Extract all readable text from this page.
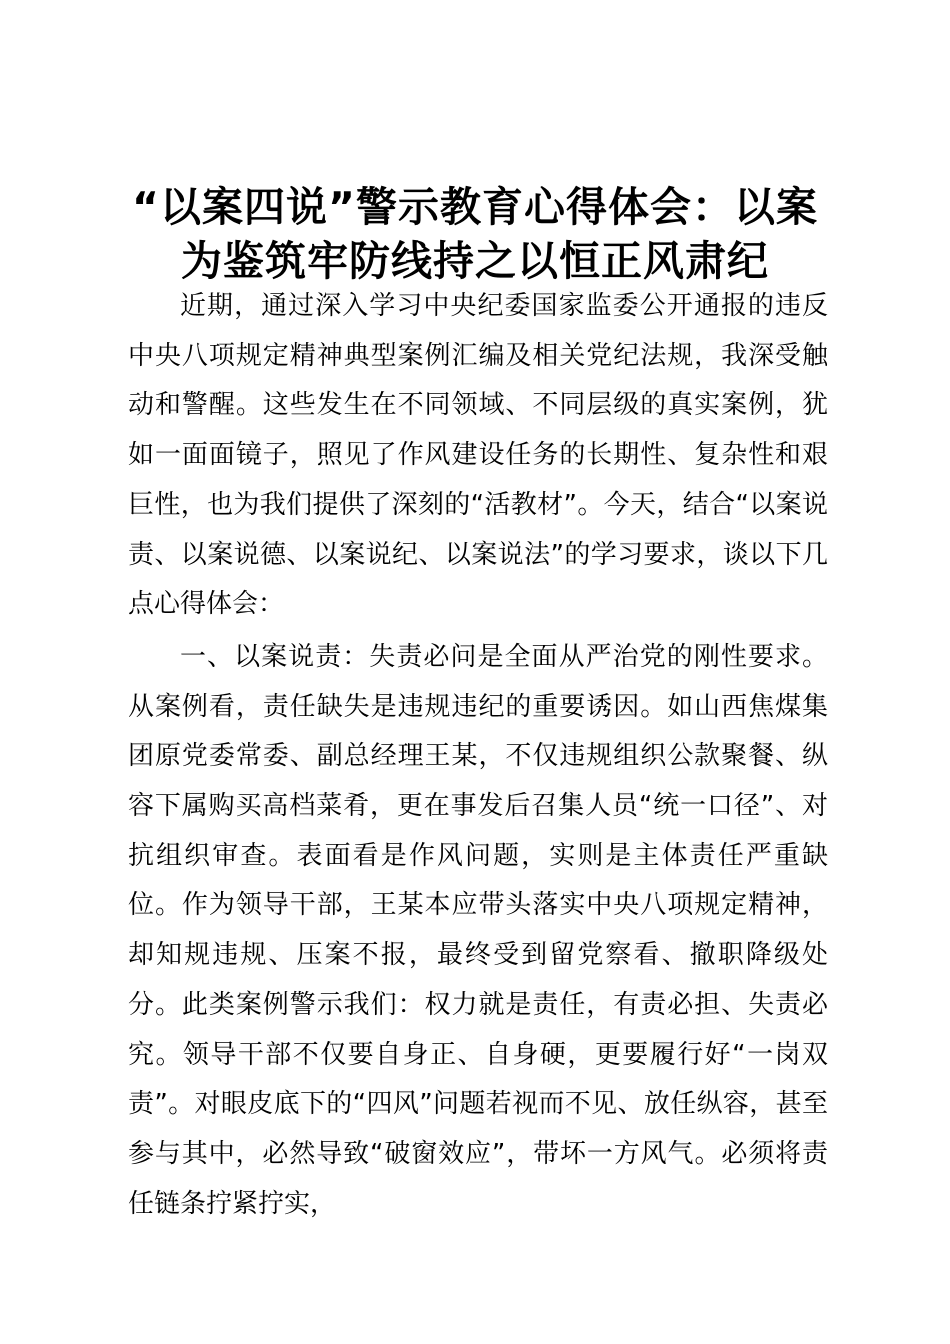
“以案四说”警示教育心得体会：以案
为鉴筑牢防线持之以恒正风肃纪

近期，通过深入学习中央纪委国家监委公开通报的违反中央八项规定精神典型案例汇编及相关党纪法规，我深受触动和警醒。这些发生在不同领域、不同层级的真实案例，犹如一面面镜子，照见了作风建设任务的长期性、复杂性和艰巨性，也为我们提供了深刻的“活教材”。今天，结合“以案说责、以案说德、以案说纪、以案说法”的学习要求，谈以下几点心得体会：

一、以案说责：失责必问是全面从严治党的刚性要求。从案例看，责任缺失是违规违纪的重要诱因。如山西焦煤集团原党委常委、副总经理王某，不仅违规组织公款聚餐、纵容下属购买高档菜肴，更在事发后召集人员“统一口径”、对抗组织审查。表面看是作风问题，实则是主体责任严重缺位。作为领导干部，王某本应带头落实中央八项规定精神，却知规违规、压案不报，最终受到留党察看、撤职降级处分。此类案例警示我们：权力就是责任，有责必担、失责必究。领导干部不仅要自身正、自身硬，更要履行好“一岗双责”。对眼皮底下的“四风”问题若视而不见、放任纵容，甚至参与其中，必然导致“破窗效应”，带坏一方风气。必须将责任链条拧紧拧实，
